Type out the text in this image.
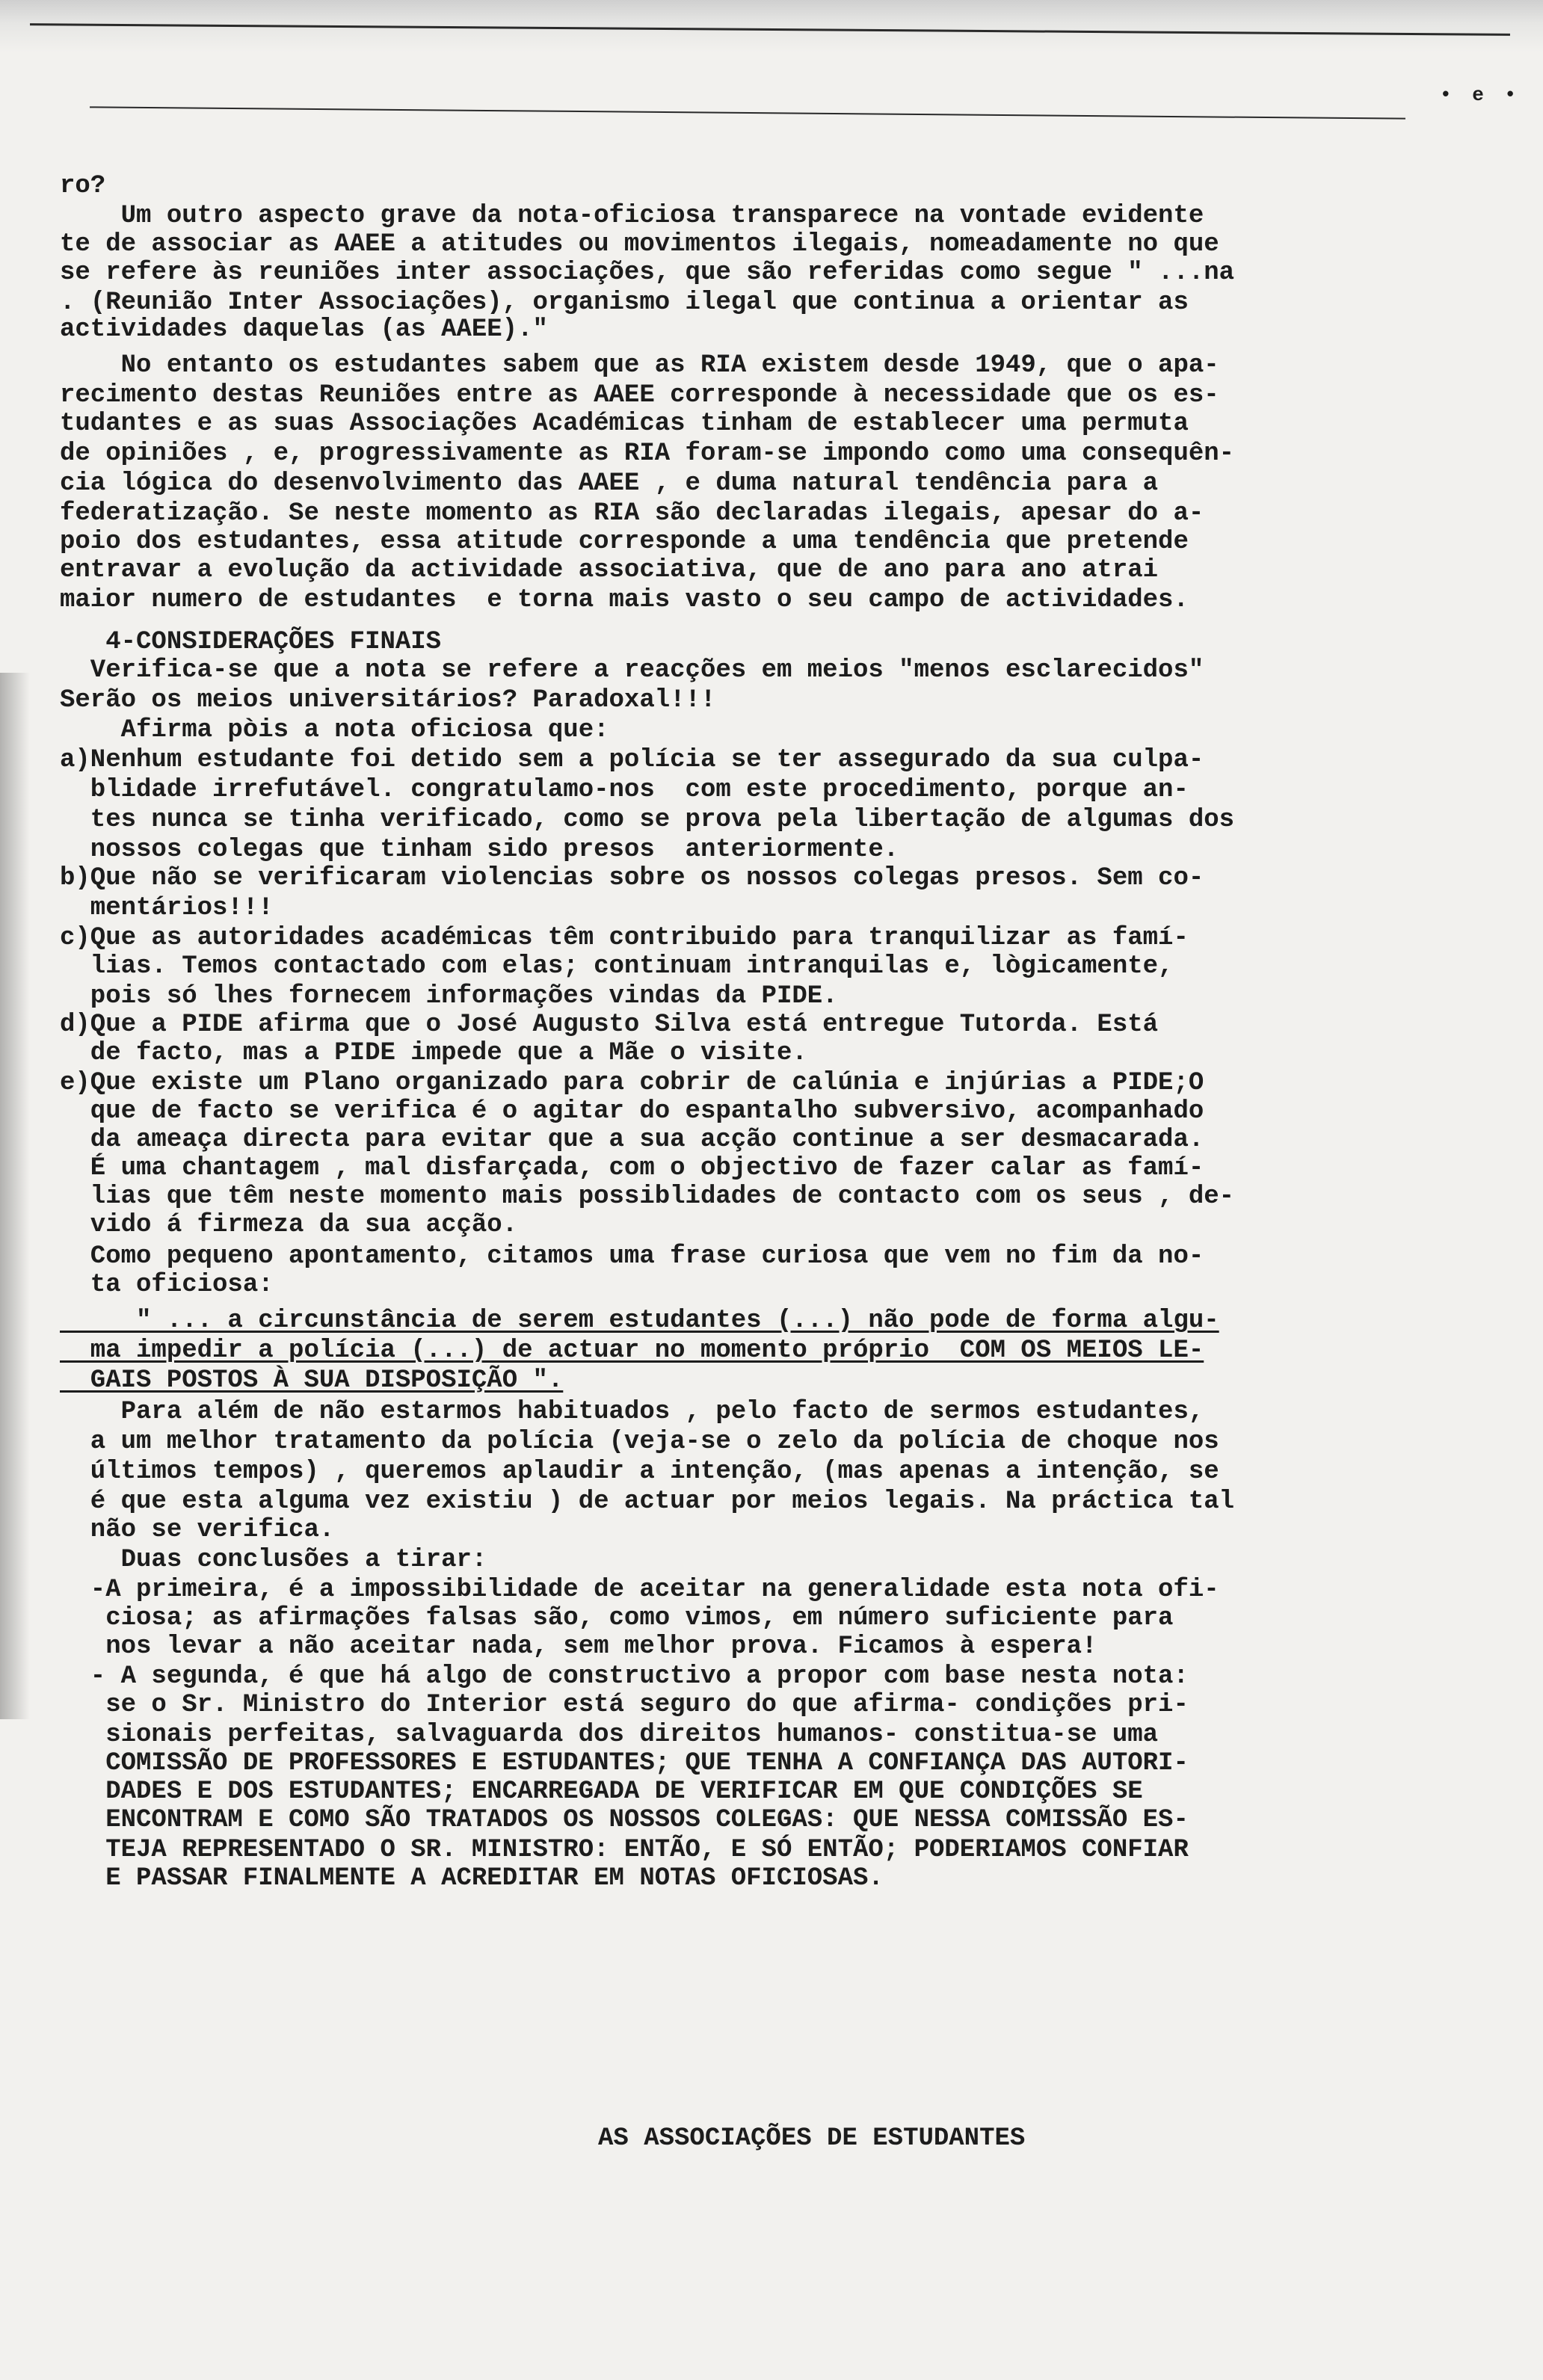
• e •
ro?
Um outro aspecto grave da nota-oficiosa transparece na vontade evidente
te de associar as AAEE a atitudes ou movimentos ilegais, nomeadamente no que
se refere às reuniões inter associações, que são referidas como segue " ...na
. (Reunião Inter Associações), organismo ilegal que continua a orientar as
actividades daquelas (as AAEE)."
No entanto os estudantes sabem que as RIA existem desde 1949, que o apa-
recimento destas Reuniões entre as AAEE corresponde à necessidade que os es-
tudantes e as suas Associações Académicas tinham de establecer uma permuta
de opiniões , e, progressivamente as RIA foram-se impondo como uma consequên-
cia lógica do desenvolvimento das AAEE , e duma natural tendência para a
federatização. Se neste momento as RIA são declaradas ilegais, apesar do a-
poio dos estudantes, essa atitude corresponde a uma tendência que pretende
entravar a evolução da actividade associativa, que de ano para ano atrai
maior numero de estudantes  e torna mais vasto o seu campo de actividades.
4-CONSIDERAÇÕES FINAIS
Verifica-se que a nota se refere a reacções em meios "menos esclarecidos"
Serão os meios universitários? Paradoxal!!!
Afirma pòis a nota oficiosa que:
a)Nenhum estudante foi detido sem a polícia se ter assegurado da sua culpa-
blidade irrefutável. congratulamo-nos  com este procedimento, porque an-
tes nunca se tinha verificado, como se prova pela libertação de algumas dos
nossos colegas que tinham sido presos  anteriormente.
b)Que não se verificaram violencias sobre os nossos colegas presos. Sem co-
mentários!!!
c)Que as autoridades académicas têm contribuido para tranquilizar as famí-
lias. Temos contactado com elas; continuam intranquilas e, lògicamente,
pois só lhes fornecem informações vindas da PIDE.
d)Que a PIDE afirma que o José Augusto Silva está entregue Tutorda. Está
de facto, mas a PIDE impede que a Mãe o visite.
e)Que existe um Plano organizado para cobrir de calúnia e injúrias a PIDE;O
que de facto se verifica é o agitar do espantalho subversivo, acompanhado
da ameaça directa para evitar que a sua acção continue a ser desmacarada.
É uma chantagem , mal disfarçada, com o objectivo de fazer calar as famí-
lias que têm neste momento mais possiblidades de contacto com os seus , de-
vido á firmeza da sua acção.
Como pequeno apontamento, citamos uma frase curiosa que vem no fim da no-
ta oficiosa:
" ... a circunstância de serem estudantes (...) não pode de forma algu-
ma impedir a polícia (...) de actuar no momento próprio  COM OS MEIOS LE-
GAIS POSTOS À SUA DISPOSIÇÃO ".
Para além de não estarmos habituados , pelo facto de sermos estudantes,
a um melhor tratamento da polícia (veja-se o zelo da polícia de choque nos
últimos tempos) , queremos aplaudir a intenção, (mas apenas a intenção, se
é que esta alguma vez existiu ) de actuar por meios legais. Na práctica tal
não se verifica.
Duas conclusões a tirar:
-A primeira, é a impossibilidade de aceitar na generalidade esta nota ofi-
ciosa; as afirmações falsas são, como vimos, em número suficiente para
nos levar a não aceitar nada, sem melhor prova. Ficamos à espera!
- A segunda, é que há algo de constructivo a propor com base nesta nota:
se o Sr. Ministro do Interior está seguro do que afirma- condições pri-
sionais perfeitas, salvaguarda dos direitos humanos- constitua-se uma
COMISSÃO DE PROFESSORES E ESTUDANTES; QUE TENHA A CONFIANÇA DAS AUTORI-
DADES E DOS ESTUDANTES; ENCARREGADA DE VERIFICAR EM QUE CONDIÇÕES SE
ENCONTRAM E COMO SÃO TRATADOS OS NOSSOS COLEGAS: QUE NESSA COMISSÃO ES-
TEJA REPRESENTADO O SR. MINISTRO: ENTÃO, E SÓ ENTÃO; PODERIAMOS CONFIAR
E PASSAR FINALMENTE A ACREDITAR EM NOTAS OFICIOSAS.
AS ASSOCIAÇÕES DE ESTUDANTES
